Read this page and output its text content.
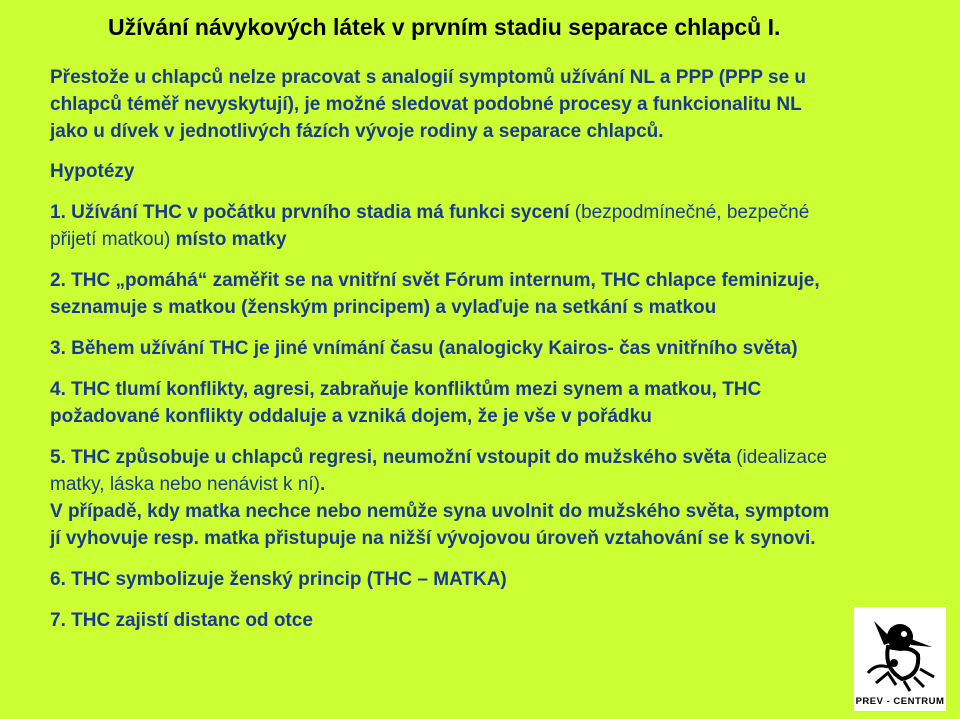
Užívání návykových látek v prvním stadiu separace chlapců I.

Přestože u chlapců nelze pracovat s analogií symptomů užívání NL a PPP (PPP se u chlapců téměř nevyskytují), je možné sledovat podobné procesy a funkcionalitu NL jako u dívek v jednotlivých fázích vývoje rodiny a separace chlapců.

Hypotézy

1. Užívání THC v počátku prvního stadia má funkci sycení (bezpodmínečné, bezpečné přijetí matkou) místo matky

2. THC „pomáhá“ zaměřit se na vnitřní svět Fórum internum, THC chlapce feminizuje, seznamuje s matkou (ženským principem) a vylaďuje na setkání s matkou

3. Během užívání THC je jiné vnímání času (analogicky Kairos- čas vnitřního světa)

4. THC tlumí konflikty, agresi, zabraňuje konfliktům mezi synem a matkou, THC požadované konflikty oddaluje a vzniká dojem, že je vše v pořádku

5. THC způsobuje u chlapců regresi, neumožní vstoupit do mužského světa (idealizace matky, láska nebo nenávist k ní).

V případě, kdy matka nechce nebo nemůže syna uvolnit do mužského světa, symptom jí vyhovuje resp. matka přistupuje na nižší vývojovou úroveň vztahování se k synovi.

6. THC symbolizuje ženský princip (THC – MATKA)

7. THC zajistí distanc od otce

PREV - CENTRUM
